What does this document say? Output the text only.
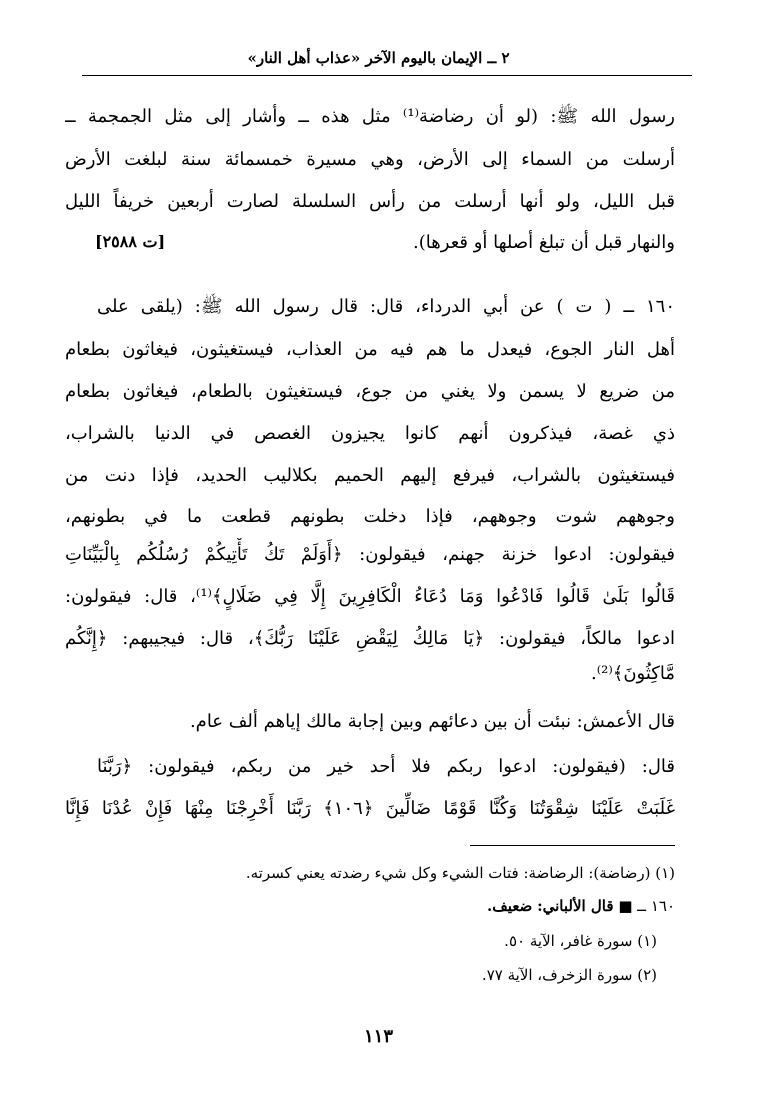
٢ ــ الإيمان باليوم الآخر «عذاب أهل النار»
رسول الله ﷺ: (لو أن رضاضة⁽¹⁾ مثل هذه ــ وأشار إلى مثل الجمجمة ــ
أرسلت من السماء إلى الأرض، وهي مسيرة خمسمائة سنة لبلغت الأرض
قبل الليل، ولو أنها أرسلت من رأس السلسلة لصارت أربعين خريفاً الليل
والنهار قبل أن تبلغ أصلها أو قعرها).
[ت ٢٥٨٨]
١٦٠ ــ ( ت ) عن أبي الدرداء، قال: قال رسول الله ﷺ: (يلقى على
أهل النار الجوع، فيعدل ما هم فيه من العذاب، فيستغيثون، فيغاثون بطعام
من ضريع لا يسمن ولا يغني من جوع، فيستغيثون بالطعام، فيغاثون بطعام
ذي غصة، فيذكرون أنهم كانوا يجيزون الغصص في الدنيا بالشراب،
فيستغيثون بالشراب، فيرفع إليهم الحميم بكلاليب الحديد، فإذا دنت من
وجوههم شوت وجوههم، فإذا دخلت بطونهم قطعت ما في بطونهم،
فيقولون: ادعوا خزنة جهنم، فيقولون: ﴿أَوَلَمْ تَكُ تَأْتِيكُمْ رُسُلُكُم بِالْبَيِّنَاتِ
قَالُوا بَلَىٰ قَالُوا فَادْعُوا وَمَا دُعَاءُ الْكَافِرِينَ إِلَّا فِي ضَلَالٍ﴾⁽¹⁾، قال: فيقولون:
ادعوا مالكاً، فيقولون: ﴿يَا مَالِكُ لِيَقْضِ عَلَيْنَا رَبُّكَ﴾، قال: فيجيبهم: ﴿إِنَّكُم
مَّاكِثُونَ﴾⁽²⁾.
قال الأعمش: نبئت أن بين دعائهم وبين إجابة مالك إياهم ألف عام.
قال: (فيقولون: ادعوا ربكم فلا أحد خير من ربكم، فيقولون: ﴿رَبَّنَا
غَلَبَتْ عَلَيْنَا شِقْوَتُنَا وَكُنَّا قَوْمًا ضَالِّينَ ﴿١٠٦﴾ رَبَّنَا أَخْرِجْنَا مِنْهَا فَإِنْ عُدْنَا فَإِنَّا
(١) (رضاضة): الرضاضة: فتات الشيء وكل شيء رضدته يعني كسرته.
١٦٠ ــ ■ قال الألباني: ضعيف.
(١) سورة غافر، الآية ٥٠.
(٢) سورة الزخرف، الآية ٧٧.
١١٣
